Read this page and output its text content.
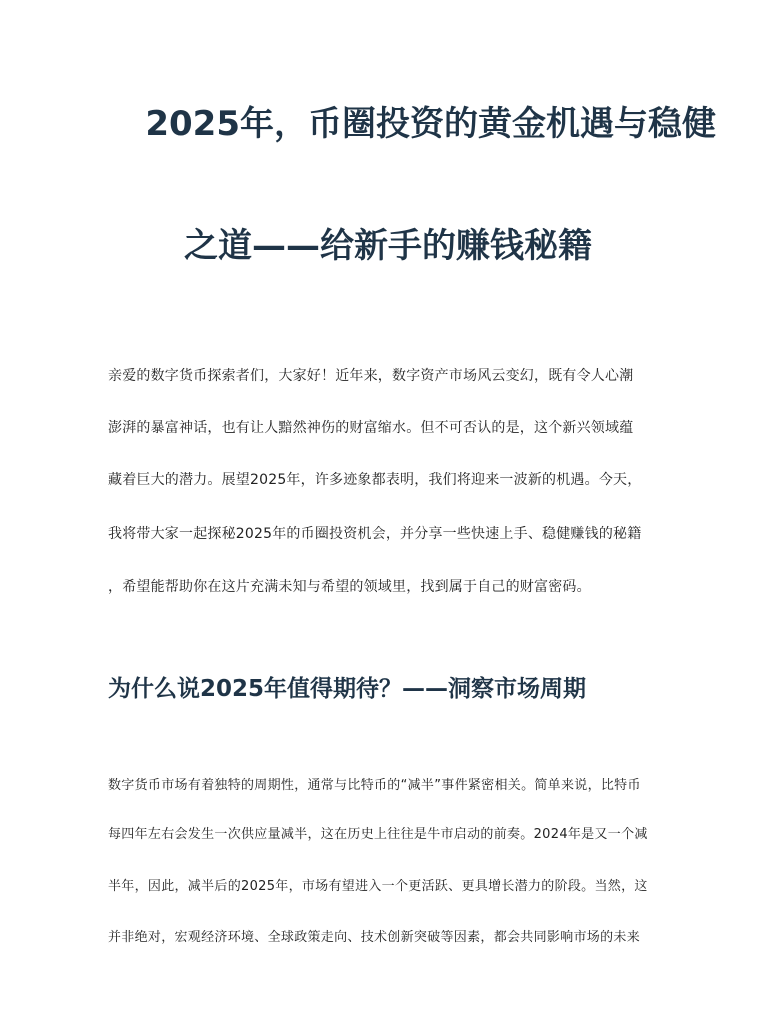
2025年，币圈投资的黄金机遇与稳健
之道——给新手的赚钱秘籍

亲爱的数字货币探索者们，大家好！近年来，数字资产市场风云变幻，既有令人心潮

澎湃的暴富神话，也有让人黯然神伤的财富缩水。但不可否认的是，这个新兴领域蕴

藏着巨大的潜力。展望2025年，许多迹象都表明，我们将迎来一波新的机遇。今天，

我将带大家一起探秘2025年的币圈投资机会，并分享一些快速上手、稳健赚钱的秘籍

，希望能帮助你在这片充满未知与希望的领域里，找到属于自己的财富密码。

为什么说2025年值得期待？——洞察市场周期

数字货币市场有着独特的周期性，通常与比特币的“减半”事件紧密相关。简单来说，比特币

每四年左右会发生一次供应量减半，这在历史上往往是牛市启动的前奏。2024年是又一个减

半年，因此，减半后的2025年，市场有望进入一个更活跃、更具增长潜力的阶段。当然，这

并非绝对，宏观经济环境、全球政策走向、技术创新突破等因素，都会共同影响市场的未来
